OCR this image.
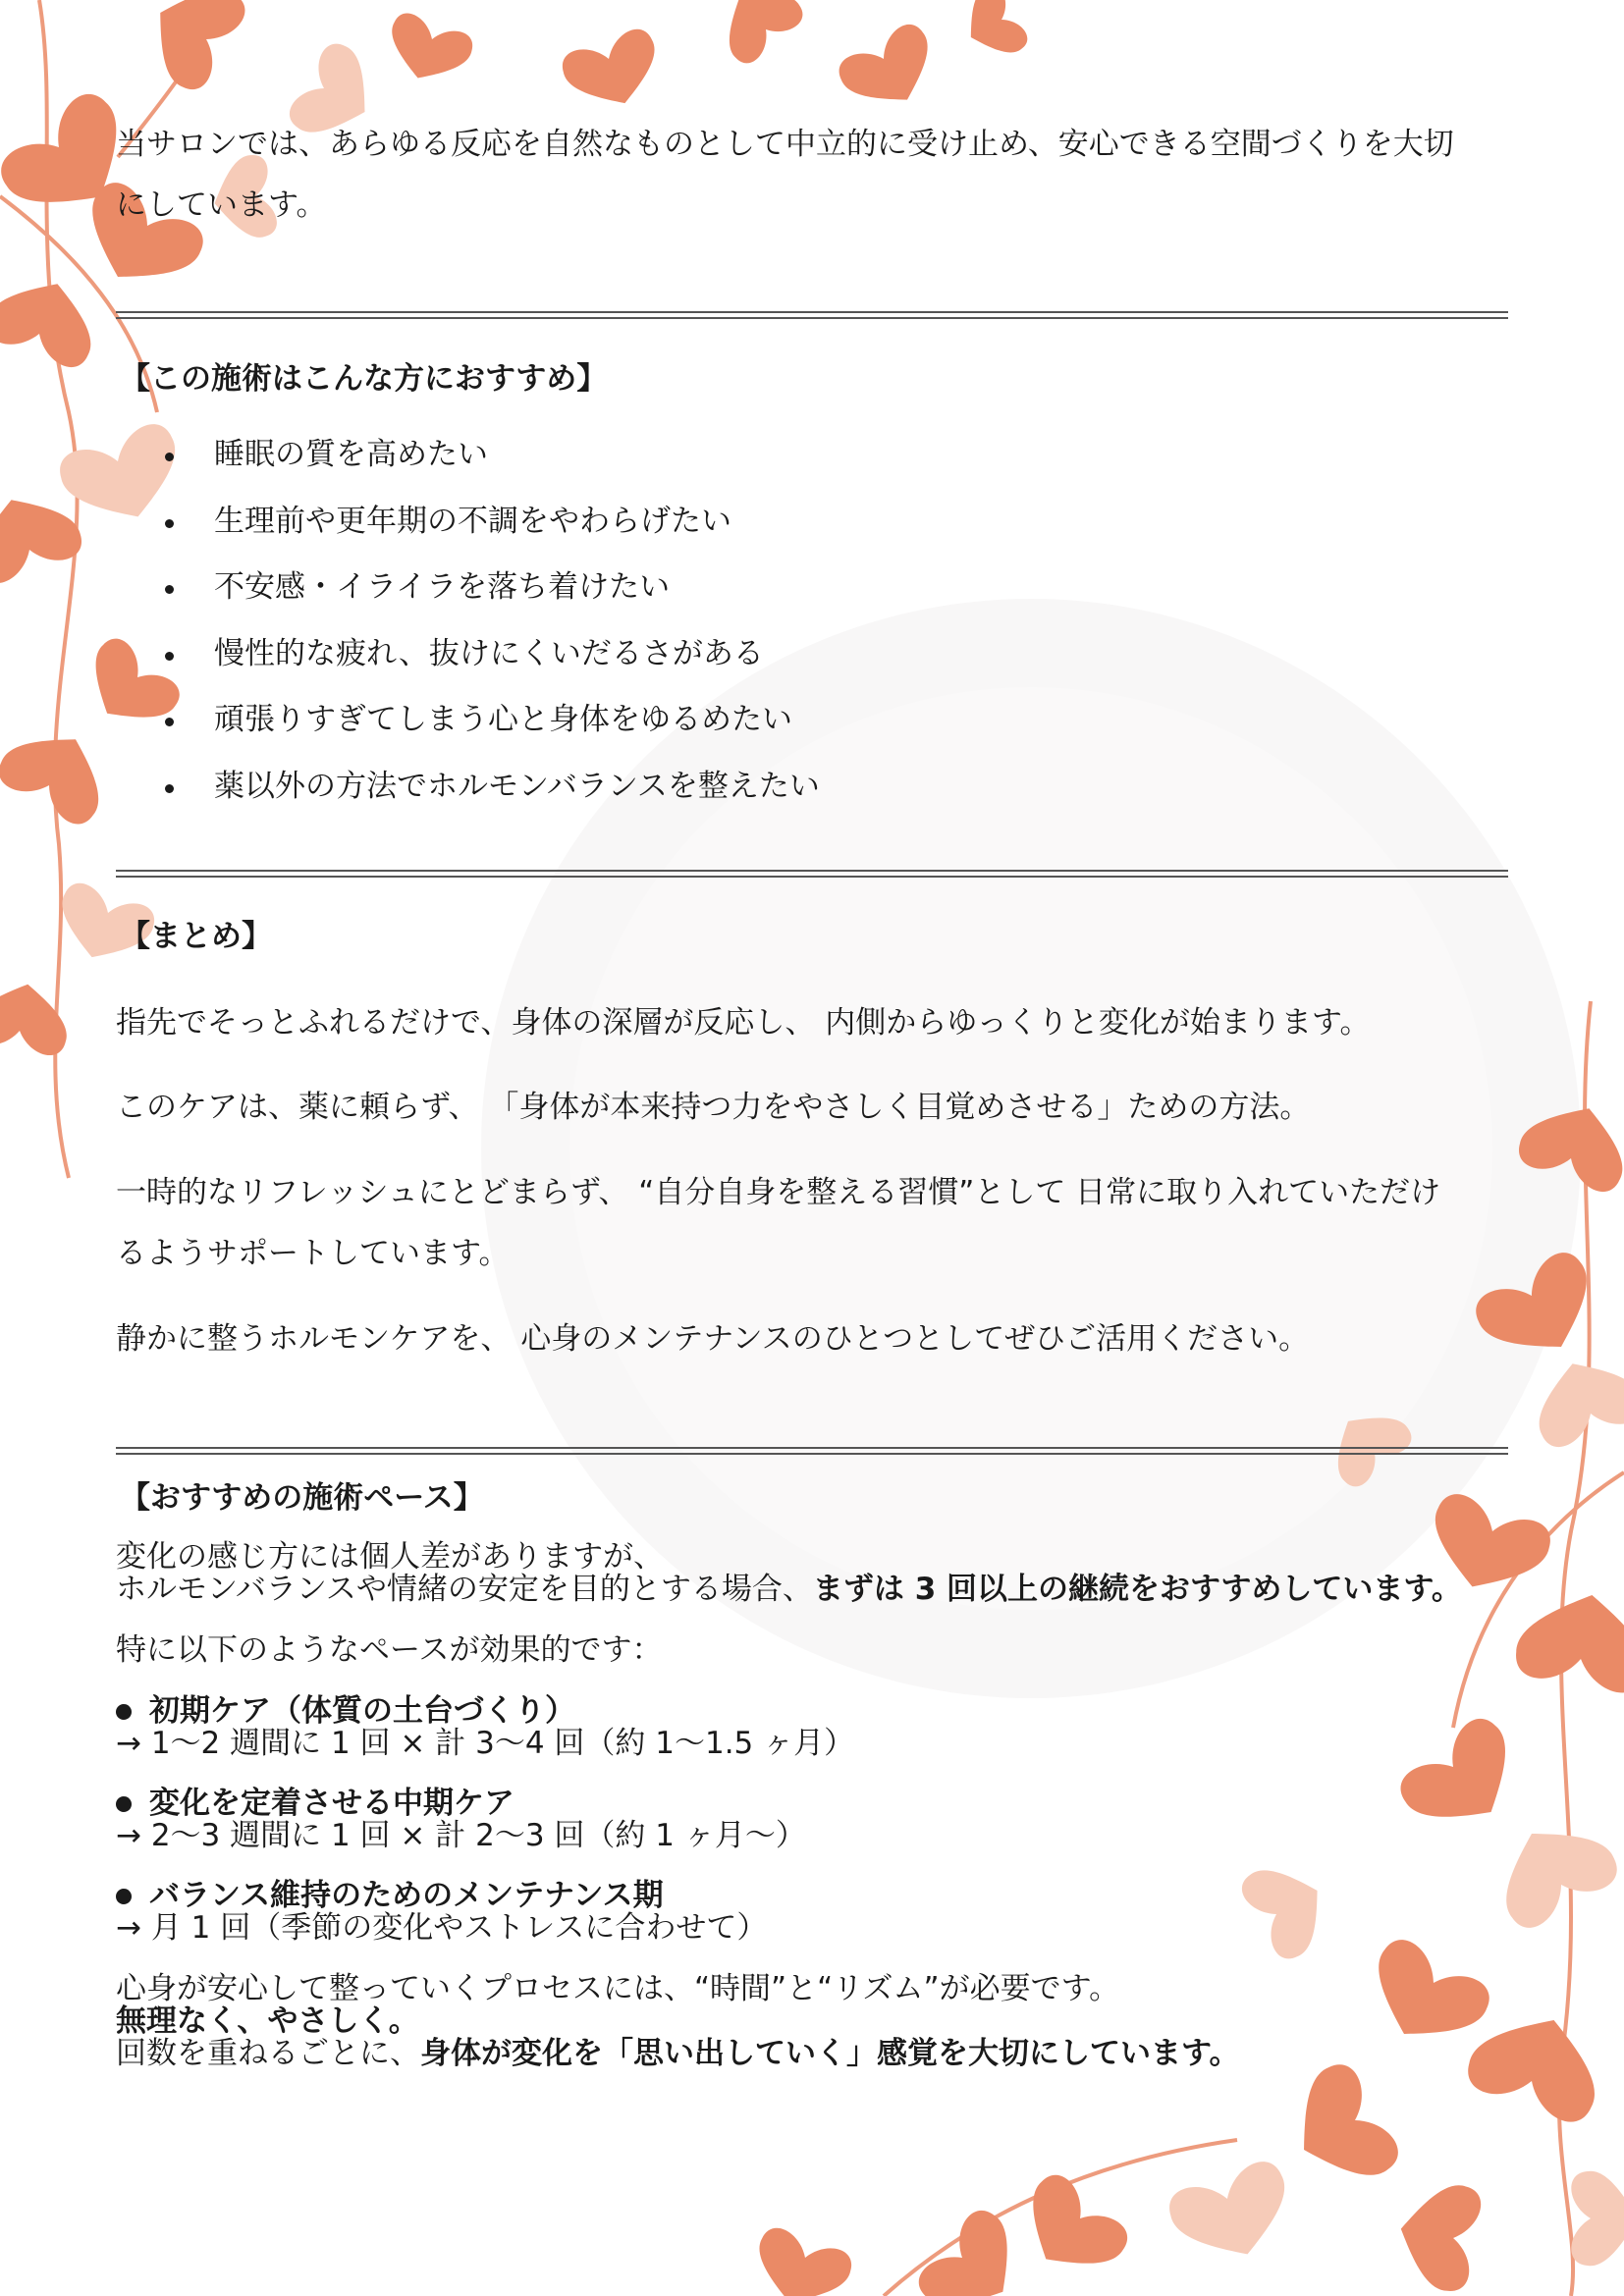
当サロンでは、あらゆる反応を自然なものとして中立的に受け止め、安心できる空間づくりを大切
にしています。
【この施術はこんな方におすすめ】
睡眠の質を高めたい
生理前や更年期の不調をやわらげたい
不安感・イライラを落ち着けたい
慢性的な疲れ、抜けにくいだるさがある
頑張りすぎてしまう心と身体をゆるめたい
薬以外の方法でホルモンバランスを整えたい
【まとめ】
指先でそっとふれるだけで、身体の深層が反応し、 内側からゆっくりと変化が始まります。
このケアは、薬に頼らず、 「身体が本来持つ力をやさしく目覚めさせる」ための方法。
一時的なリフレッシュにとどまらず、 “自分自身を整える習慣”として 日常に取り入れていただけ
るようサポートしています。
静かに整うホルモンケアを、 心身のメンテナンスのひとつとしてぜひご活用ください。
【おすすめの施術ペース】
変化の感じ方には個人差がありますが、
ホルモンバランスや情緒の安定を目的とする場合、まずは 3 回以上の継続をおすすめしています。
特に以下のようなペースが効果的です：
初期ケア（体質の土台づくり）
→ 1〜2 週間に 1 回 × 計 3〜4 回（約 1〜1.5 ヶ月）
変化を定着させる中期ケア
→ 2〜3 週間に 1 回 × 計 2〜3 回（約 1 ヶ月〜）
バランス維持のためのメンテナンス期
→ 月 1 回（季節の変化やストレスに合わせて）
心身が安心して整っていくプロセスには、“時間”と“リズム”が必要です。
無理なく、やさしく。
回数を重ねるごとに、身体が変化を「思い出していく」感覚を大切にしています。
